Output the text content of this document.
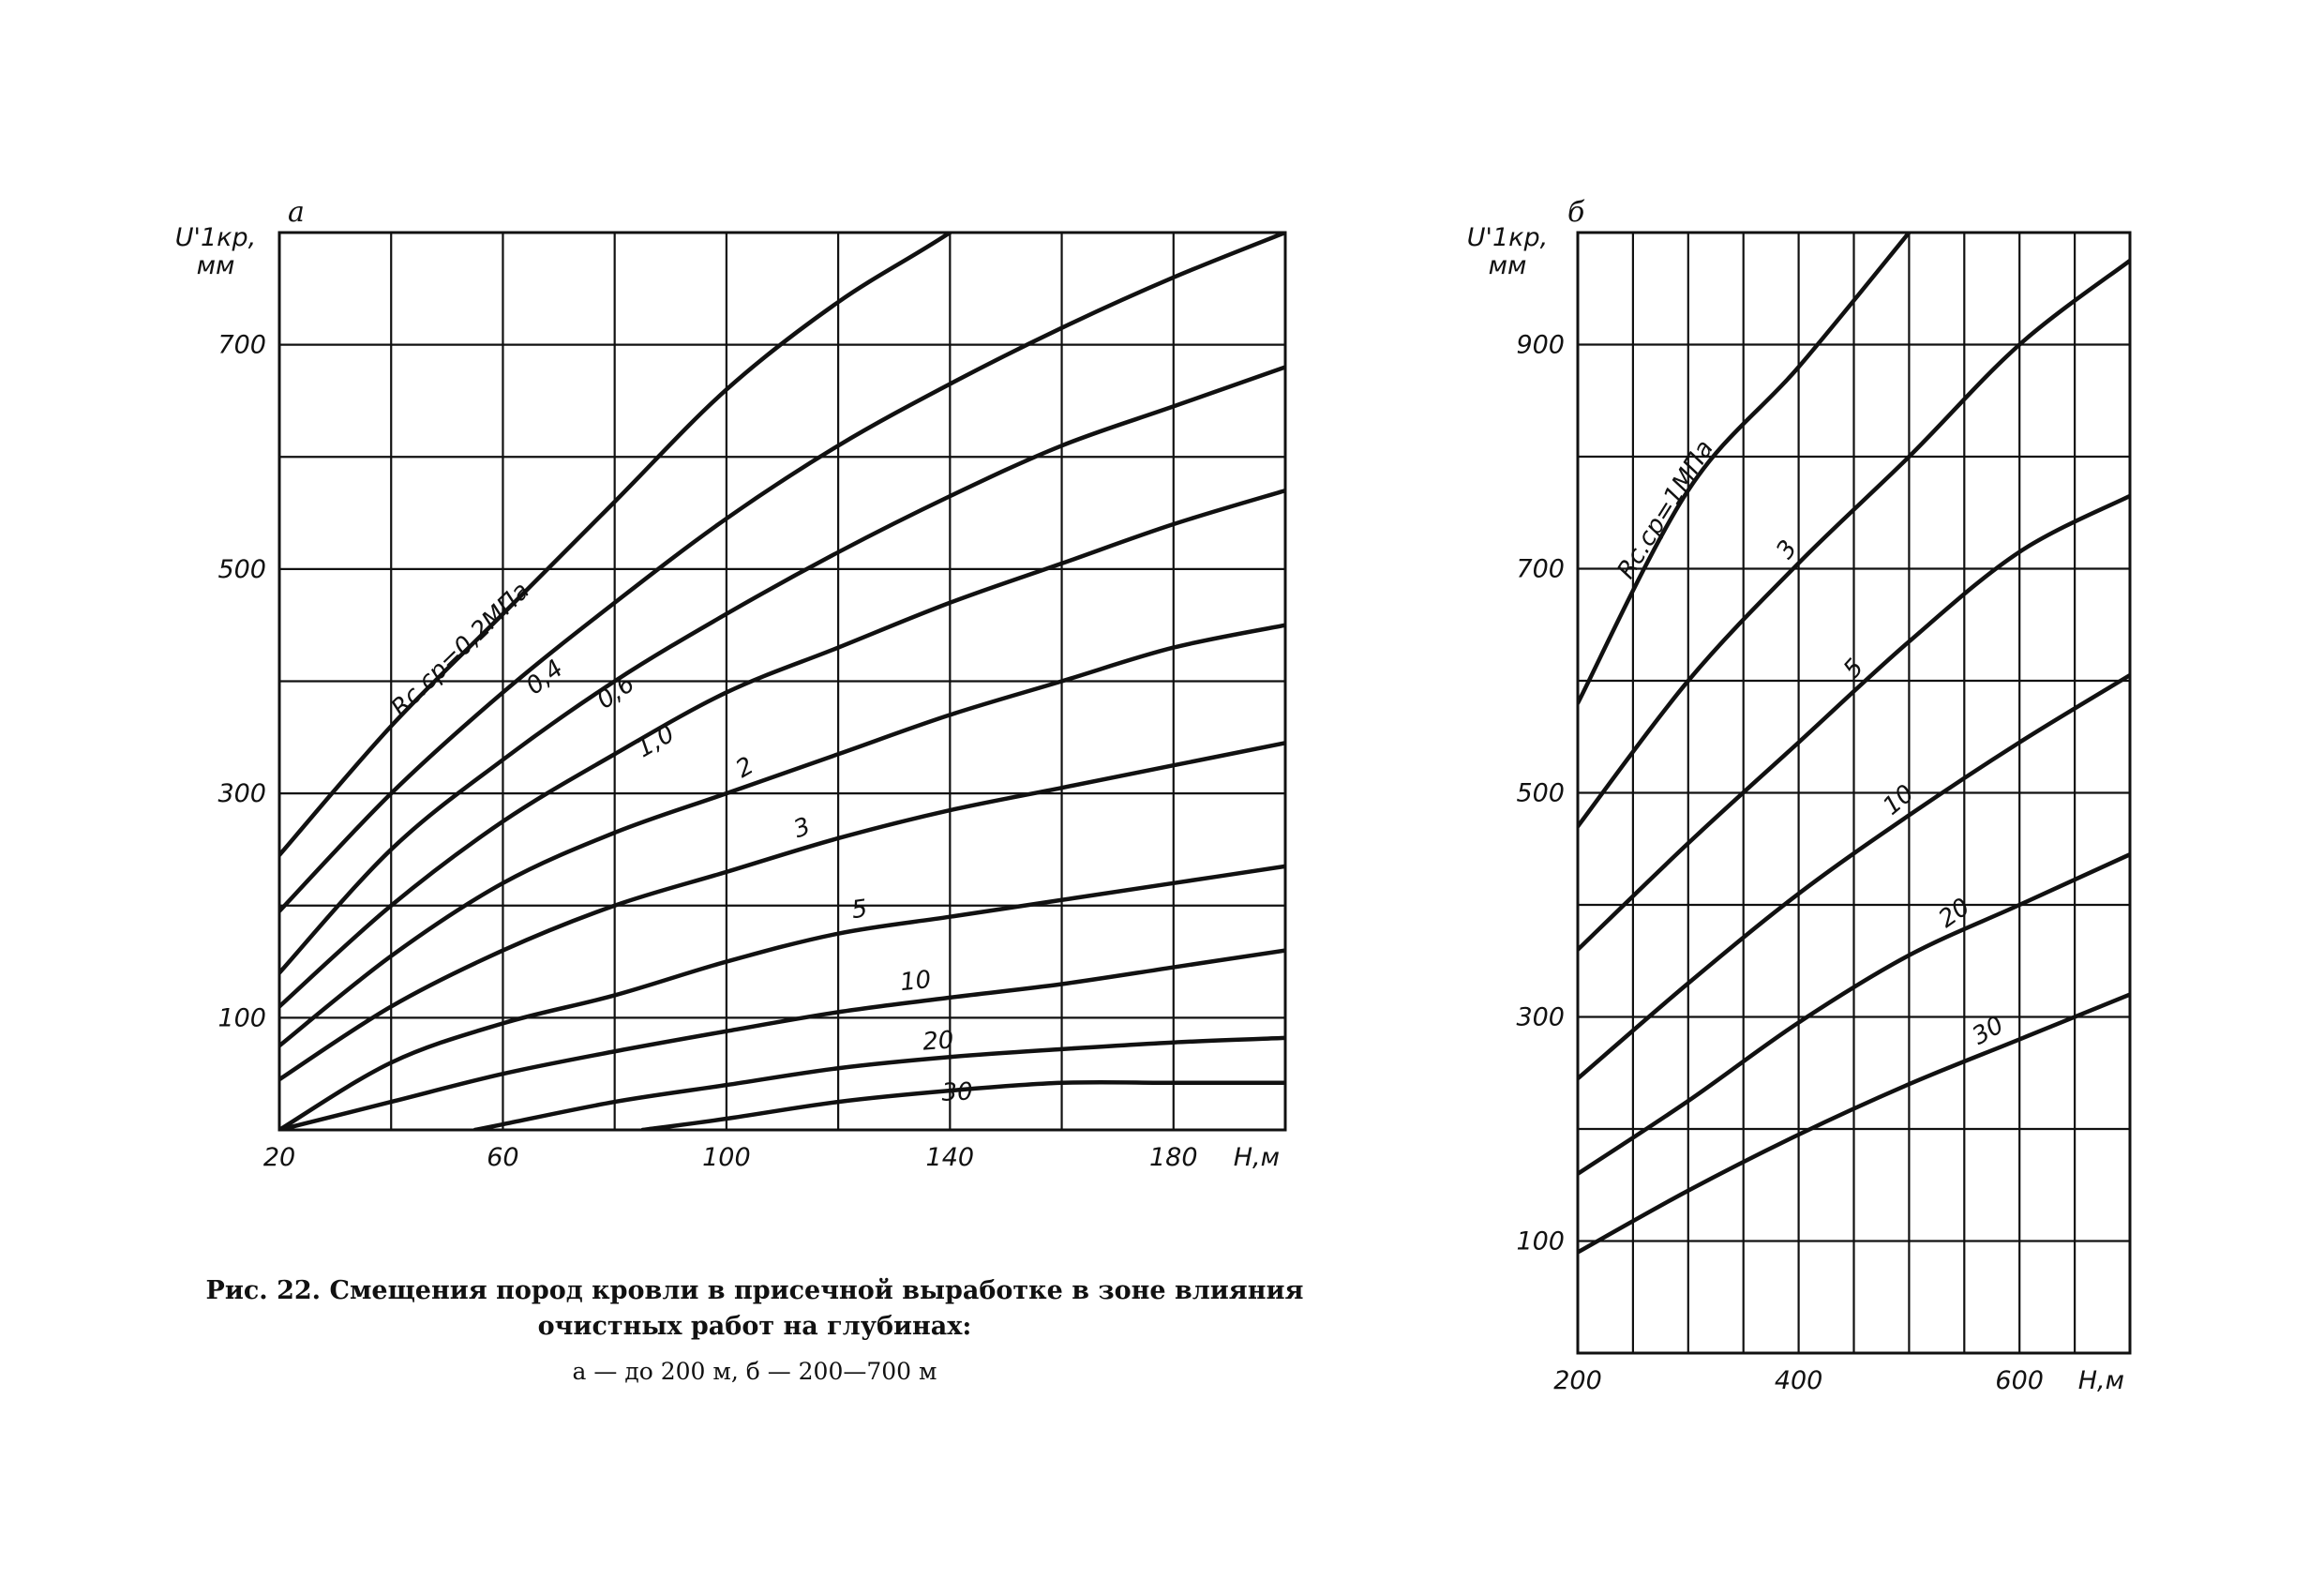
Rс.ср=0,2МПа
0,4 0,6
1,0
2
3
5
10
20
30
20	60	100	140	180
100
300
500
700
H,м
U'1кр,
мм
а
Rс.ср=1МПа 3
5
10
20
30
200	400	600
100
300
500
700
900
H,м
U'1кр,
мм
б
Рис. 22. Смещения пород кровли в присечной выработке в зоне влияния
очистных работ на глубинах:
а — до 200 м, б — 200—700 м
